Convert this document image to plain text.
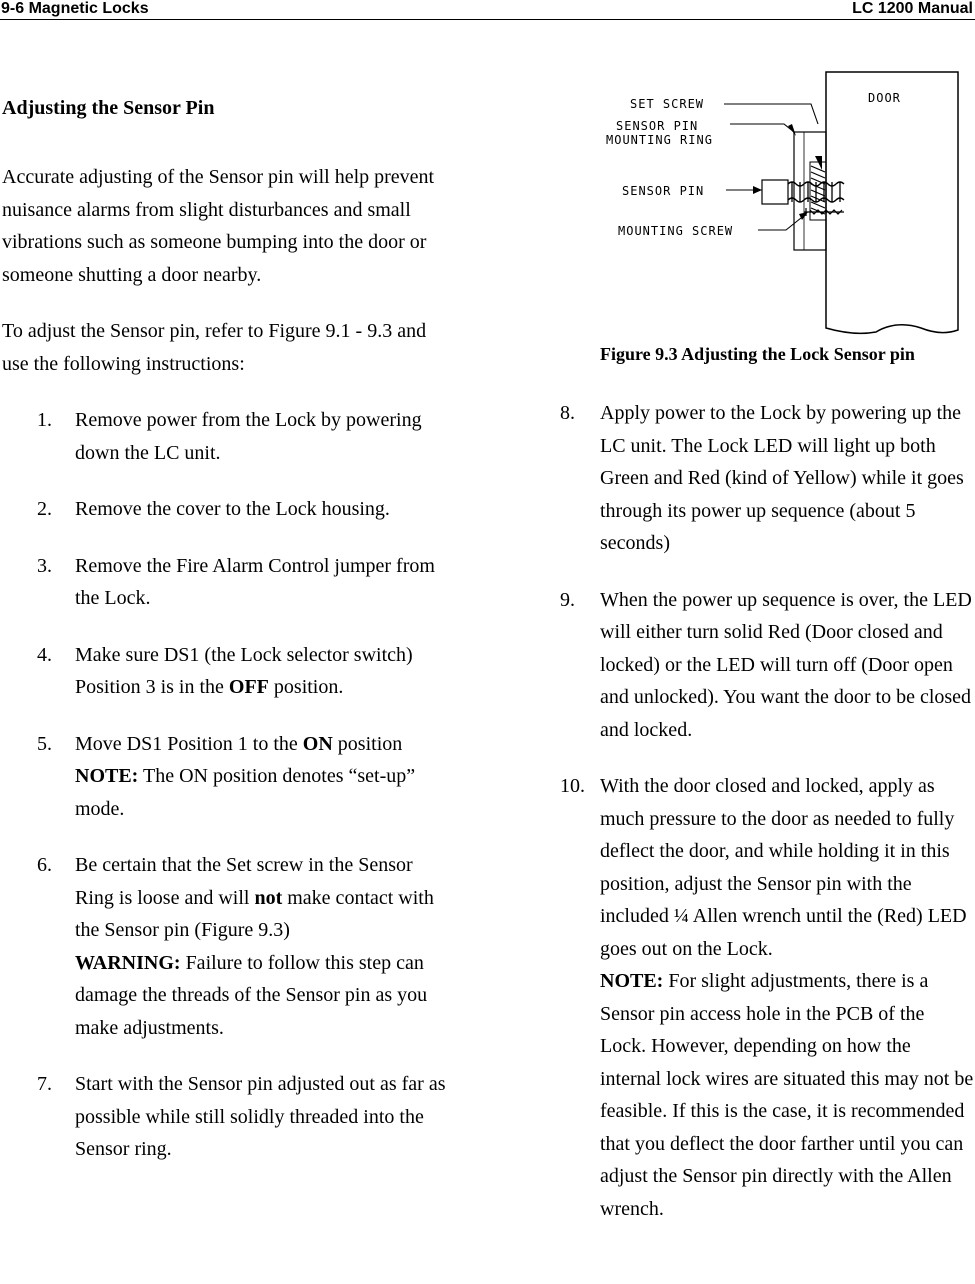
9-6 Magnetic Locks	LC 1200 Manual
Adjusting the Sensor Pin

Accurate adjusting of the Sensor pin will help prevent nuisance alarms from slight disturbances and small vibrations such as someone bumping into the door or someone shutting a door nearby.

To adjust the Sensor pin, refer to Figure 9.1 - 9.3 and use the following instructions:

1. Remove power from the Lock by powering down the LC unit.
2. Remove the cover to the Lock housing.
3. Remove the Fire Alarm Control jumper from the Lock.
4. Make sure DS1 (the Lock selector switch) Position 3 is in the OFF position.
5. Move DS1 Position 1 to the ON position
NOTE: The ON position denotes “set-up” mode.
6. Be certain that the Set screw in the Sensor Ring is loose and will not make contact with the Sensor pin (Figure 9.3)
WARNING: Failure to follow this step can damage the threads of the Sensor pin as you make adjustments.
7. Start with the Sensor pin adjusted out as far as possible while still solidly threaded into the Sensor ring.
DOOR
SET SCREW
SENSOR PIN
MOUNTING RING
SENSOR PIN
MOUNTING SCREW
Figure 9.3 Adjusting the Lock Sensor pin
8. Apply power to the Lock by powering up the LC unit. The Lock LED will light up both Green and Red (kind of Yellow) while it goes through its power up sequence (about 5 seconds)
9. When the power up sequence is over, the LED will either turn solid Red (Door closed and locked) or the LED will turn off (Door open and unlocked). You want the door to be closed and locked.
10. With the door closed and locked, apply as much pressure to the door as needed to fully deflect the door, and while holding it in this position, adjust the Sensor pin with the included ¼ Allen wrench until the (Red) LED goes out on the Lock.
NOTE: For slight adjustments, there is a Sensor pin access hole in the PCB of the Lock. However, depending on how the internal lock wires are situated this may not be feasible. If this is the case, it is recommended that you deflect the door farther until you can adjust the Sensor pin directly with the Allen wrench.
